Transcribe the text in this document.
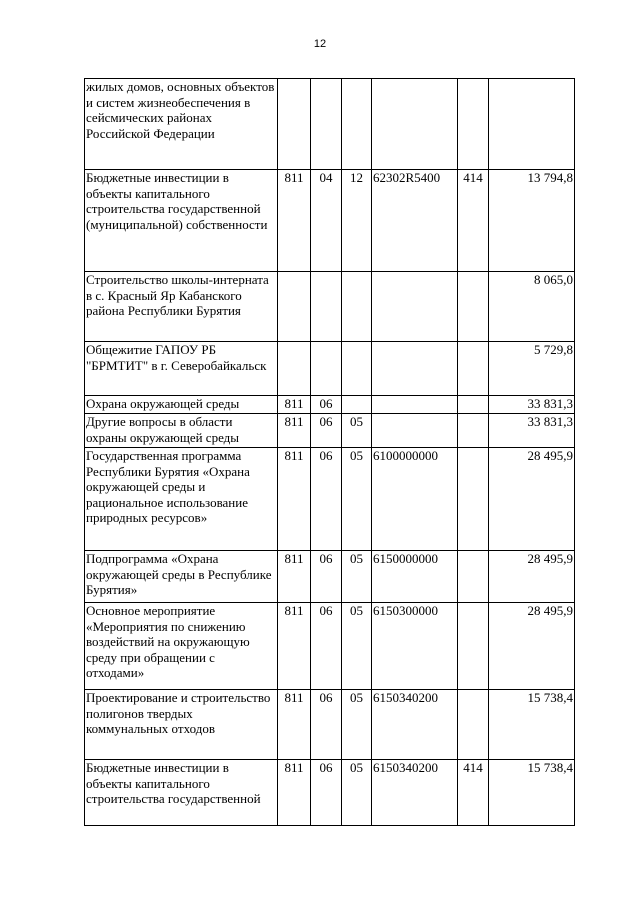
12
жилых домов, основных объектов и систем жизнеобеспечения в сейсмических районах Российской Федерации						
Бюджетные инвестиции в объекты капитального строительства государственной (муниципальной) собственности	811	04	12	62302R5400	414	13 794,8
Строительство школы-интерната в с. Красный Яр Кабанского района Республики Бурятия						8 065,0
Общежитие ГАПОУ РБ "БРМТИТ" в г. Северобайкальск						5 729,8
Охрана окружающей среды	811	06				33 831,3
Другие вопросы в области охраны окружающей среды	811	06	05			33 831,3
Государственная программа Республики Бурятия «Охрана окружающей среды и рациональное использование природных ресурсов»	811	06	05	6100000000		28 495,9
Подпрограмма «Охрана окружающей среды в Республике Бурятия»	811	06	05	6150000000		28 495,9
Основное мероприятие «Мероприятия по снижению воздействий на окружающую среду при обращении с отходами»	811	06	05	6150300000		28 495,9
Проектирование и строительство полигонов твердых коммунальных отходов	811	06	05	6150340200		15 738,4
Бюджетные инвестиции в объекты капитального строительства государственной	811	06	05	6150340200	414	15 738,4
